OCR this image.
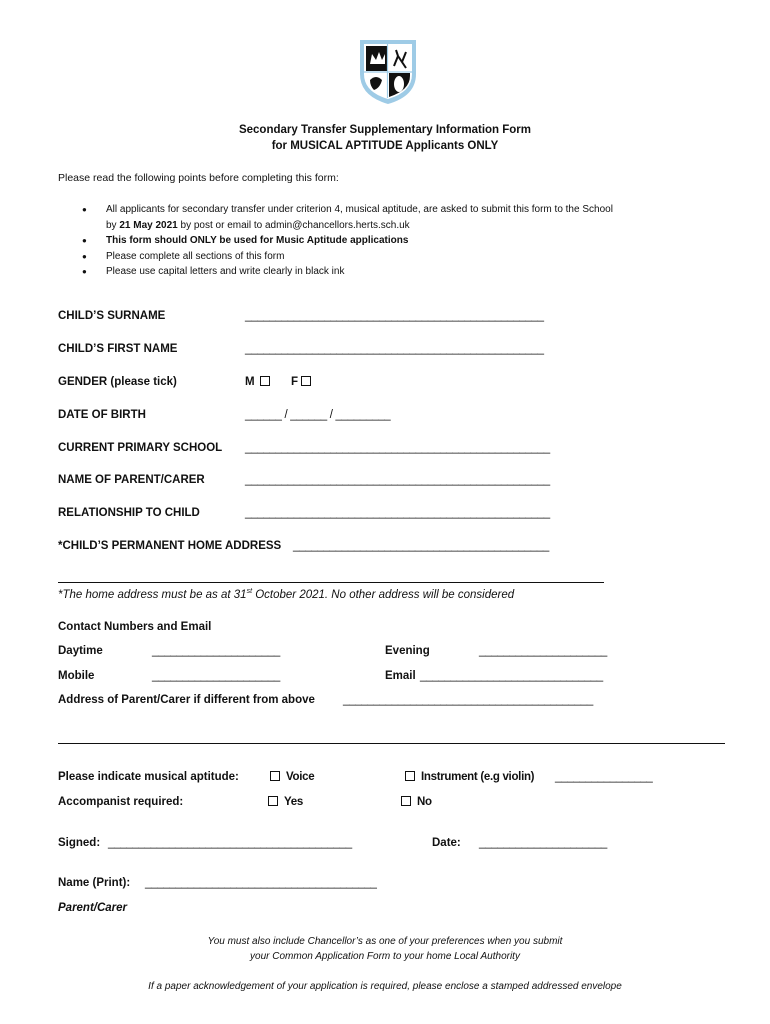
Secondary Transfer Supplementary Information Form
for MUSICAL APTITUDE Applicants ONLY
Please read the following points before completing this form:
● All applicants for secondary transfer under criterion 4, musical aptitude, are asked to submit this form to the School
by 21 May 2021 by post or email to admin@chancellors.herts.sch.uk
● This form should ONLY be used for Music Aptitude applications
● Please complete all sections of this form
● Please use capital letters and write clearly in black ink
CHILD’S SURNAME	_________________________________________________
CHILD’S FIRST NAME	_________________________________________________
GENDER (please tick)	M	F
DATE OF BIRTH	______ / ______ / _________
CURRENT PRIMARY SCHOOL __________________________________________________
NAME OF PARENT/CARER	__________________________________________________
RELATIONSHIP TO CHILD	__________________________________________________
*CHILD’S PERMANENT HOME ADDRESS __________________________________________
*The home address must be as at 31st October 2021. No other address will be considered
Contact Numbers and Email
Daytime	_____________________	Evening	_____________________
Mobile	_____________________	Email ______________________________
Address of Parent/Carer if different from above _________________________________________
Please indicate musical aptitude:	Voice	Instrument (e.g violin) ________________
Accompanist required:	Yes	No
Signed: ________________________________________	Date: _____________________
Name (Print): ______________________________________
Parent/Carer
You must also include Chancellor’s as one of your preferences when you submit
your Common Application Form to your home Local Authority
If a paper acknowledgement of your application is required, please enclose a stamped addressed envelope
